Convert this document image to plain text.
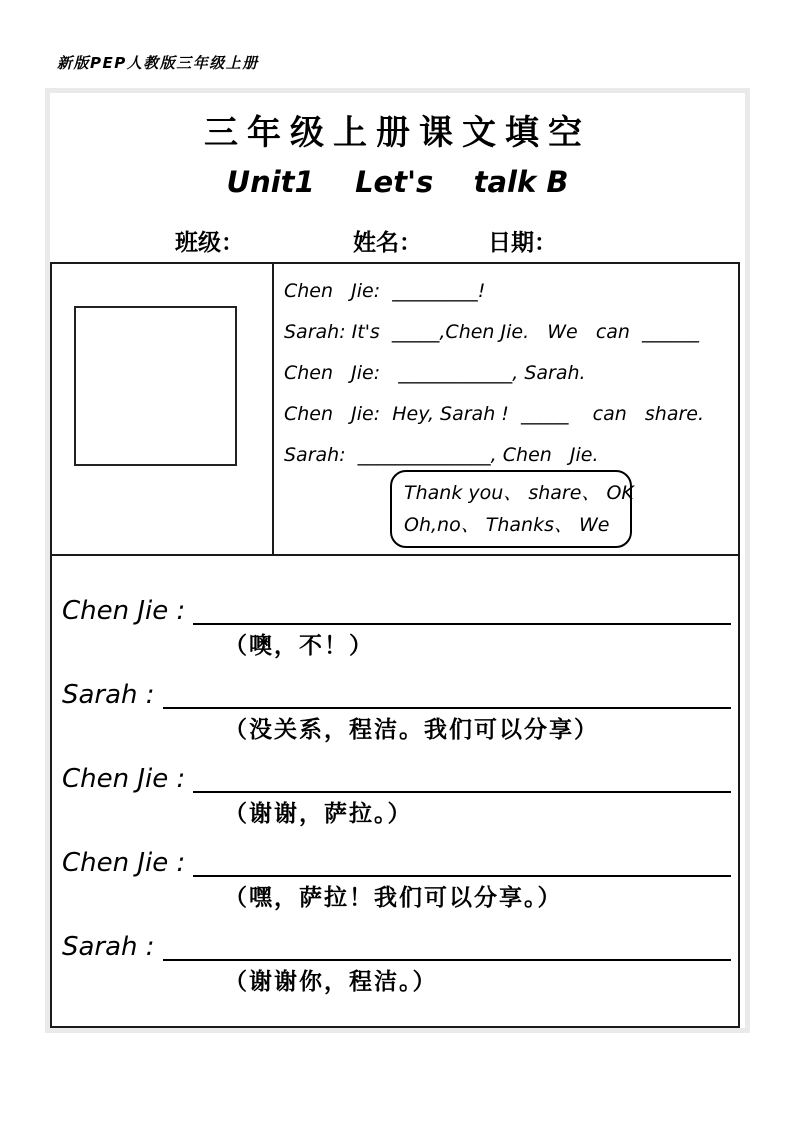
新版PEP人教版三年级上册
三年级上册课文填空
Unit1    Let's    talk B
班级：	姓名：	日期：
Chen   Jie:  _________!
Sarah: It's  _____,Chen Jie.   We   can  ______
Chen   Jie:   ____________, Sarah.
Chen   Jie:  Hey, Sarah !  _____    can   share.
Sarah:  ______________, Chen   Jie.
Thank you、 share、 OK
Oh,no、 Thanks、 We
Chen Jie :
（噢，不！）
Sarah :
（没关系，程洁。我们可以分享）
Chen Jie :
（谢谢，萨拉。）
Chen Jie :
（嘿，萨拉！我们可以分享。）
Sarah :
（谢谢你，程洁。）
